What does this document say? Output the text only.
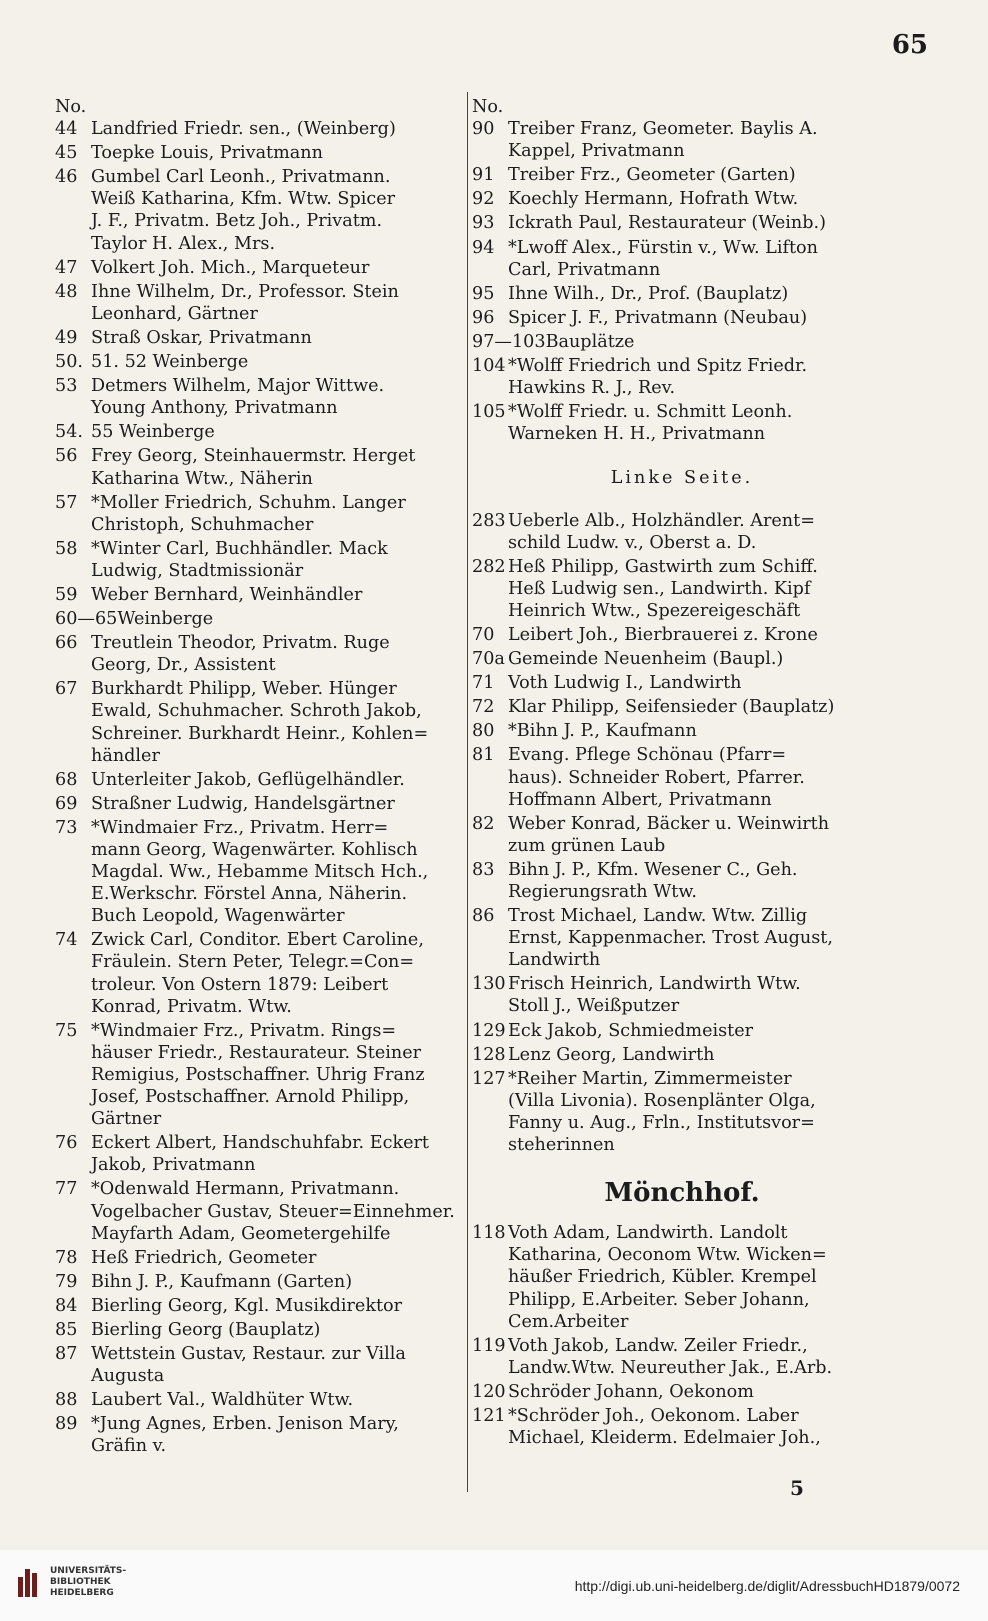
65
No.
44 Landfried Friedr. sen., (Weinberg)
45 Toepke Louis, Privatmann
46 Gumbel Carl Leonh., Privatmann.
Weiß Katharina, Kfm. Wtw. Spicer
J. F., Privatm. Betz Joh., Privatm.
Taylor H. Alex., Mrs.
47 Volkert Joh. Mich., Marqueteur
48 Ihne Wilhelm, Dr., Professor. Stein
Leonhard, Gärtner
49 Straß Oskar, Privatmann
50. 51. 52 Weinberge
53 Detmers Wilhelm, Major Wittwe.
Young Anthony, Privatmann
54. 55 Weinberge
56 Frey Georg, Steinhauermstr. Herget
Katharina Wtw., Näherin
57 *Moller Friedrich, Schuhm. Langer
Christoph, Schuhmacher
58 *Winter Carl, Buchhändler. Mack
Ludwig, Stadtmissionär
59 Weber Bernhard, Weinhändler
60—65Weinberge
66 Treutlein Theodor, Privatm. Ruge
Georg, Dr., Assistent
67 Burkhardt Philipp, Weber. Hünger
Ewald, Schuhmacher. Schroth Jakob,
Schreiner. Burkhardt Heinr., Kohlen=
händler
68 Unterleiter Jakob, Geflügelhändler.
69 Straßner Ludwig, Handelsgärtner
73 *Windmaier Frz., Privatm. Herr=
mann Georg, Wagenwärter. Kohlisch
Magdal. Ww., Hebamme Mitsch Hch.,
E.Werkschr. Förstel Anna, Näherin.
Buch Leopold, Wagenwärter
74 Zwick Carl, Conditor. Ebert Caroline,
Fräulein. Stern Peter, Telegr.=Con=
troleur. Von Ostern 1879: Leibert
Konrad, Privatm. Wtw.
75 *Windmaier Frz., Privatm. Rings=
häuser Friedr., Restaurateur. Steiner
Remigius, Postschaffner. Uhrig Franz
Josef, Postschaffner. Arnold Philipp,
Gärtner
76 Eckert Albert, Handschuhfabr. Eckert
Jakob, Privatmann
77 *Odenwald Hermann, Privatmann.
Vogelbacher Gustav, Steuer=Einnehmer.
Mayfarth Adam, Geometergehilfe
78 Heß Friedrich, Geometer
79 Bihn J. P., Kaufmann (Garten)
84 Bierling Georg, Kgl. Musikdirektor
85 Bierling Georg (Bauplatz)
87 Wettstein Gustav, Restaur. zur Villa
Augusta
88 Laubert Val., Waldhüter Wtw.
89 *Jung Agnes, Erben. Jenison Mary,
Gräfin v.
No.
90 Treiber Franz, Geometer. Baylis A.
Kappel, Privatmann
91 Treiber Frz., Geometer (Garten)
92 Koechly Hermann, Hofrath Wtw.
93 Ickrath Paul, Restaurateur (Weinb.)
94 *Lwoff Alex., Fürstin v., Ww. Lifton
Carl, Privatmann
95 Ihne Wilh., Dr., Prof. (Bauplatz)
96 Spicer J. F., Privatmann (Neubau)
97—103Bauplätze
104 *Wolff Friedrich und Spitz Friedr.
Hawkins R. J., Rev.
105 *Wolff Friedr. u. Schmitt Leonh.
Warneken H. H., Privatmann
Linke Seite.
283 Ueberle Alb., Holzhändler. Arent=
schild Ludw. v., Oberst a. D.
282 Heß Philipp, Gastwirth zum Schiff.
Heß Ludwig sen., Landwirth. Kipf
Heinrich Wtw., Spezereigeschäft
70 Leibert Joh., Bierbrauerei z. Krone
70a Gemeinde Neuenheim (Baupl.)
71 Voth Ludwig I., Landwirth
72 Klar Philipp, Seifensieder (Bauplatz)
80 *Bihn J. P., Kaufmann
81 Evang. Pflege Schönau (Pfarr=
haus). Schneider Robert, Pfarrer.
Hoffmann Albert, Privatmann
82 Weber Konrad, Bäcker u. Weinwirth
zum grünen Laub
83 Bihn J. P., Kfm. Wesener C., Geh.
Regierungsrath Wtw.
86 Trost Michael, Landw. Wtw. Zillig
Ernst, Kappenmacher. Trost August,
Landwirth
130 Frisch Heinrich, Landwirth Wtw.
Stoll J., Weißputzer
129 Eck Jakob, Schmiedmeister
128 Lenz Georg, Landwirth
127 *Reiher Martin, Zimmermeister
(Villa Livonia). Rosenplänter Olga,
Fanny u. Aug., Frln., Institutsvor=
steherinnen
Mönchhof.
118 Voth Adam, Landwirth. Landolt
Katharina, Oeconom Wtw. Wicken=
häußer Friedrich, Kübler. Krempel
Philipp, E.Arbeiter. Seber Johann,
Cem.Arbeiter
119 Voth Jakob, Landw. Zeiler Friedr.,
Landw.Wtw. Neureuther Jak., E.Arb.
120 Schröder Johann, Oekonom
121 *Schröder Joh., Oekonom. Laber
Michael, Kleiderm. Edelmaier Joh.,
5
UNIVERSITÄTS-
BIBLIOTHEK
HEIDELBERG	http://digi.ub.uni-heidelberg.de/diglit/AdressbuchHD1879/0072
